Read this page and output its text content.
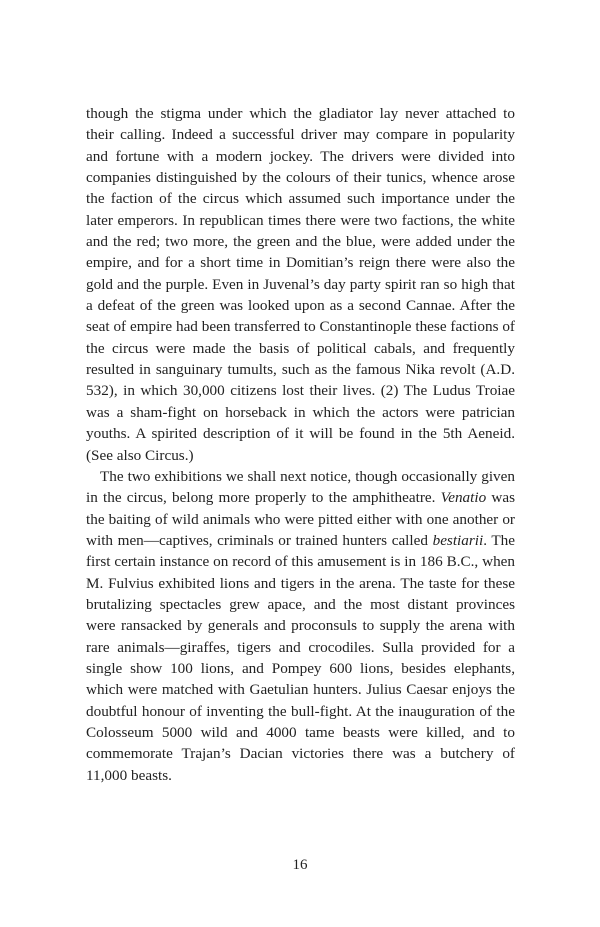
though the stigma under which the gladiator lay never attached to their calling. Indeed a successful driver may compare in popularity and fortune with a modern jockey. The drivers were divided into companies distinguished by the colours of their tunics, whence arose the faction of the circus which assumed such importance under the later emperors. In republican times there were two factions, the white and the red; two more, the green and the blue, were added under the empire, and for a short time in Domitian’s reign there were also the gold and the purple. Even in Juvenal’s day party spirit ran so high that a defeat of the green was looked upon as a second Cannae. After the seat of empire had been transferred to Constantinople these factions of the circus were made the basis of political cabals, and frequently resulted in sanguinary tumults, such as the famous Nika revolt (A.D. 532), in which 30,000 citizens lost their lives. (2) The Ludus Troiae was a sham-fight on horseback in which the actors were patrician youths. A spirited description of it will be found in the 5th Aeneid. (See also Circus.)

The two exhibitions we shall next notice, though occasionally given in the circus, belong more properly to the amphitheatre. Venatio was the baiting of wild animals who were pitted either with one another or with men—captives, criminals or trained hunters called bestiarii. The first certain instance on record of this amusement is in 186 B.C., when M. Fulvius exhibited lions and tigers in the arena. The taste for these brutalizing spectacles grew apace, and the most distant provinces were ransacked by generals and proconsuls to supply the arena with rare animals—giraffes, tigers and crocodiles. Sulla provided for a single show 100 lions, and Pompey 600 lions, besides elephants, which were matched with Gaetulian hunters. Julius Caesar enjoys the doubtful honour of inventing the bull-fight. At the inauguration of the Colosseum 5000 wild and 4000 tame beasts were killed, and to commemorate Trajan’s Dacian victories there was a butchery of 11,000 beasts.

16
